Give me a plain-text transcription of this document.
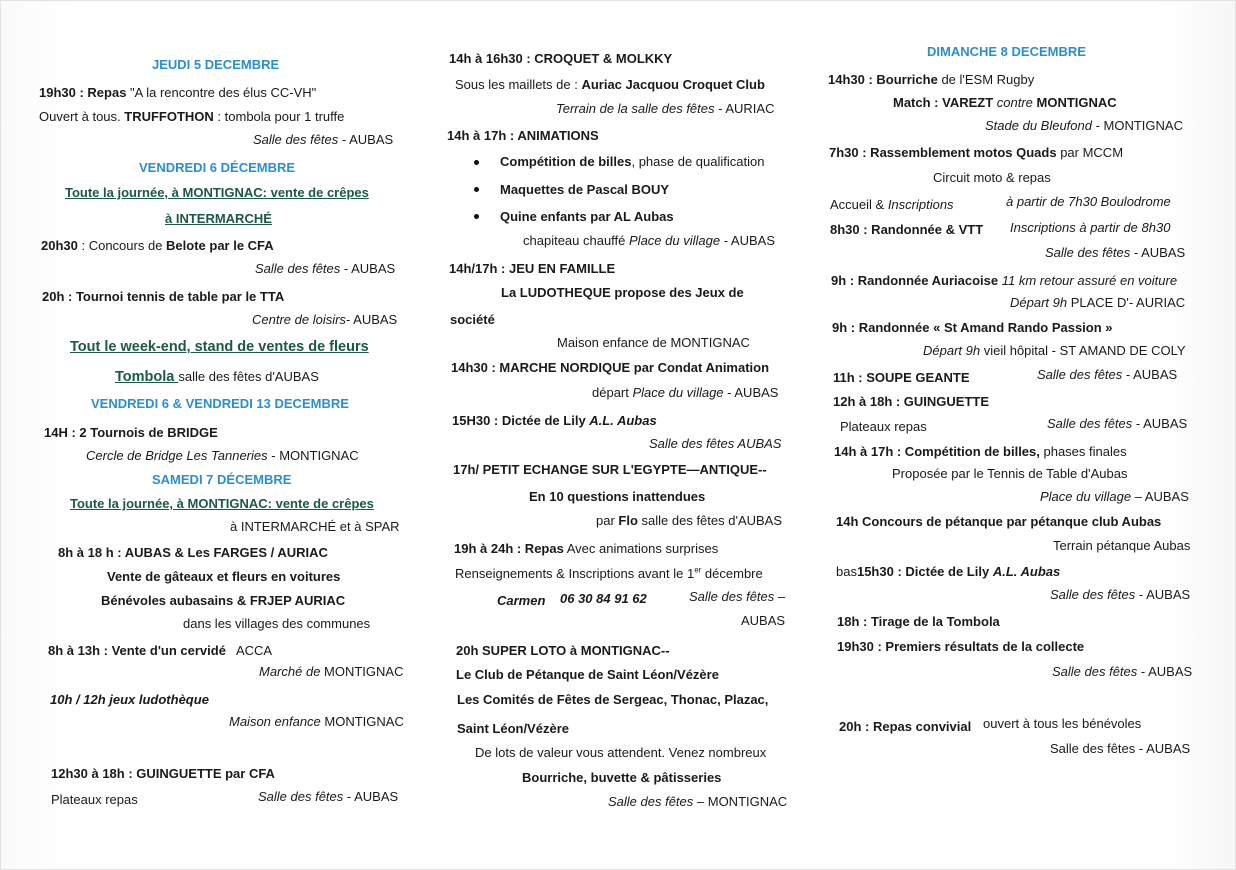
JEUDI 5 DECEMBRE
19h30 : Repas "A la rencontre des élus CC-VH"
Ouvert à tous. TRUFFOTHON : tombola pour 1 truffe
Salle des fêtes - AUBAS
VENDREDI 6 DÉCEMBRE
Toute la journée, à MONTIGNAC: vente de crêpes
à INTERMARCHÉ
20h30 : Concours de Belote par le CFA
Salle des fêtes - AUBAS
20h : Tournoi tennis de table par le TTA
Centre de loisirs- AUBAS
Tout le week-end, stand de ventes de fleurs
Tombola salle des fêtes d'AUBAS
VENDREDI 6 & VENDREDI 13 DECEMBRE
14H : 2 Tournois de BRIDGE
Cercle de Bridge Les Tanneries - MONTIGNAC
SAMEDI 7 DÉCEMBRE
Toute la journée, à MONTIGNAC: vente de crêpes
à INTERMARCHÉ et à SPAR
8h à 18 h : AUBAS & Les FARGES / AURIAC
Vente de gâteaux et fleurs en voitures
Bénévoles aubasains & FRJEP AURIAC
dans les villages des communes
8h à 13h : Vente d'un cervidé ACCA
Marché de MONTIGNAC
10h / 12h jeux ludothèque
Maison enfance MONTIGNAC
12h30 à 18h : GUINGUETTE par CFA
Plateaux repas	Salle des fêtes - AUBAS
14h à 16h30 : CROQUET & MOLKKY
Sous les maillets de : Auriac Jacquou Croquet Club
Terrain de la salle des fêtes - AURIAC
14h à 17h : ANIMATIONS
Compétition de billes, phase de qualification
Maquettes de Pascal BOUY
Quine enfants par AL Aubas
chapiteau chauffé Place du village - AUBAS
14h/17h : JEU EN FAMILLE
La LUDOTHEQUE propose des Jeux de
société
Maison enfance de MONTIGNAC
14h30 : MARCHE NORDIQUE par Condat Animation
départ Place du village - AUBAS
15H30 : Dictée de Lily A.L. Aubas
Salle des fêtes AUBAS
17h/ PETIT ECHANGE SUR L'EGYPTE—ANTIQUE--
En 10 questions inattendues
par Flo salle des fêtes d'AUBAS
19h à 24h : Repas Avec animations surprises
Renseignements & Inscriptions avant le 1er décembre
Carmen 06 30 84 91 62	Salle des fêtes –
AUBAS
20h SUPER LOTO à MONTIGNAC--
Le Club de Pétanque de Saint Léon/Vézère
Les Comités de Fêtes de Sergeac, Thonac, Plazac,
Saint Léon/Vézère
De lots de valeur vous attendent. Venez nombreux
Bourriche, buvette & pâtisseries
Salle des fêtes – MONTIGNAC
DIMANCHE 8 DECEMBRE
14h30 : Bourriche de l'ESM Rugby
Match : VAREZT contre MONTIGNAC
Stade du Bleufond - MONTIGNAC
7h30 : Rassemblement motos Quads par MCCM
Circuit moto & repas
Accueil & Inscriptions	à partir de 7h30 Boulodrome
8h30 : Randonnée & VTT Inscriptions à partir de 8h30
Salle des fêtes - AUBAS
9h : Randonnée Auriacoise 11 km retour assuré en voiture
Départ 9h PLACE D'- AURIAC
9h : Randonnée « St Amand Rando Passion »
Départ 9h vieil hôpital - ST AMAND DE COLY
11h : SOUPE GEANTE	Salle des fêtes - AUBAS
12h à 18h : GUINGUETTE
Plateaux repas	Salle des fêtes - AUBAS
14h à 17h : Compétition de billes, phases finales
Proposée par le Tennis de Table d'Aubas
Place du village – AUBAS
14h Concours de pétanque par pétanque club Aubas
Terrain pétanque Aubas
bas15h30 : Dictée de Lily A.L. Aubas
Salle des fêtes - AUBAS
18h : Tirage de la Tombola
19h30 : Premiers résultats de la collecte
Salle des fêtes - AUBAS
20h : Repas convivial ouvert à tous les bénévoles
Salle des fêtes - AUBAS
